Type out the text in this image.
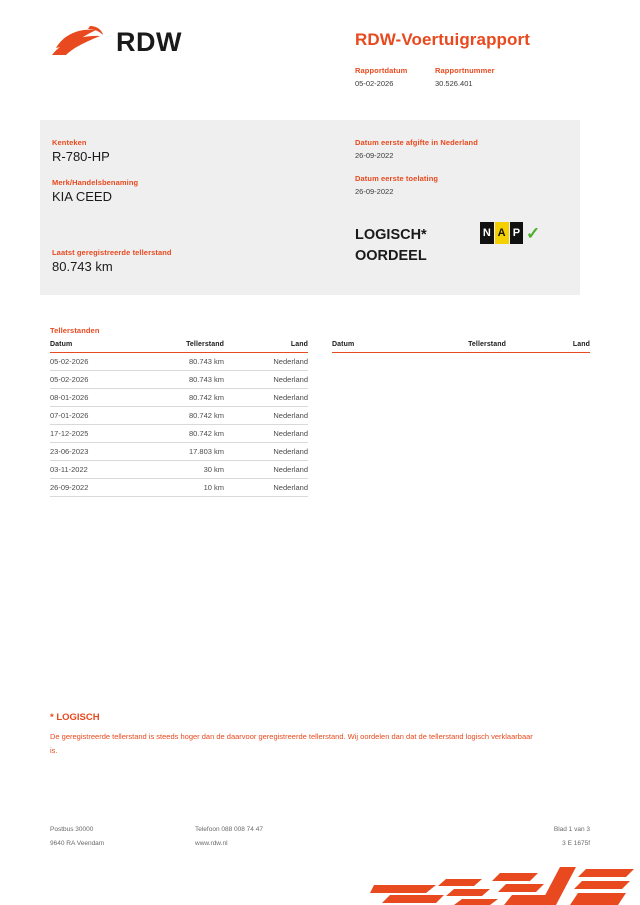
RDW	RDW-Voertuigrapport
Rapportdatum
05-02-2026
Rapportnummer
30.526.401
Kenteken
R-780-HP
Merk/Handelsbenaming
KIA CEED
Laatst geregistreerde tellerstand
80.743 km
Datum eerste afgifte in Nederland
26-09-2022
Datum eerste toelating
26-09-2022
LOGISCH*
OORDEEL
N A P ✓
Tellerstanden
Datum	Tellerstand	Land
05-02-2026	80.743 km	Nederland
05-02-2026	80.743 km	Nederland
08-01-2026	80.742 km	Nederland
07-01-2026	80.742 km	Nederland
17-12-2025	80.742 km	Nederland
23-06-2023	17.803 km	Nederland
03-11-2022	30 km	Nederland
26-09-2022	10 km	Nederland
Datum	Tellerstand	Land
* LOGISCH
De geregistreerde tellerstand is steeds hoger dan de daarvoor geregistreerde tellerstand. Wij oordelen dan dat de tellerstand logisch verklaarbaar is.
Postbus 30000	Telefoon 088 008 74 47	Blad 1 van 3
9640 RA Veendam	www.rdw.nl	3 E 1675f
